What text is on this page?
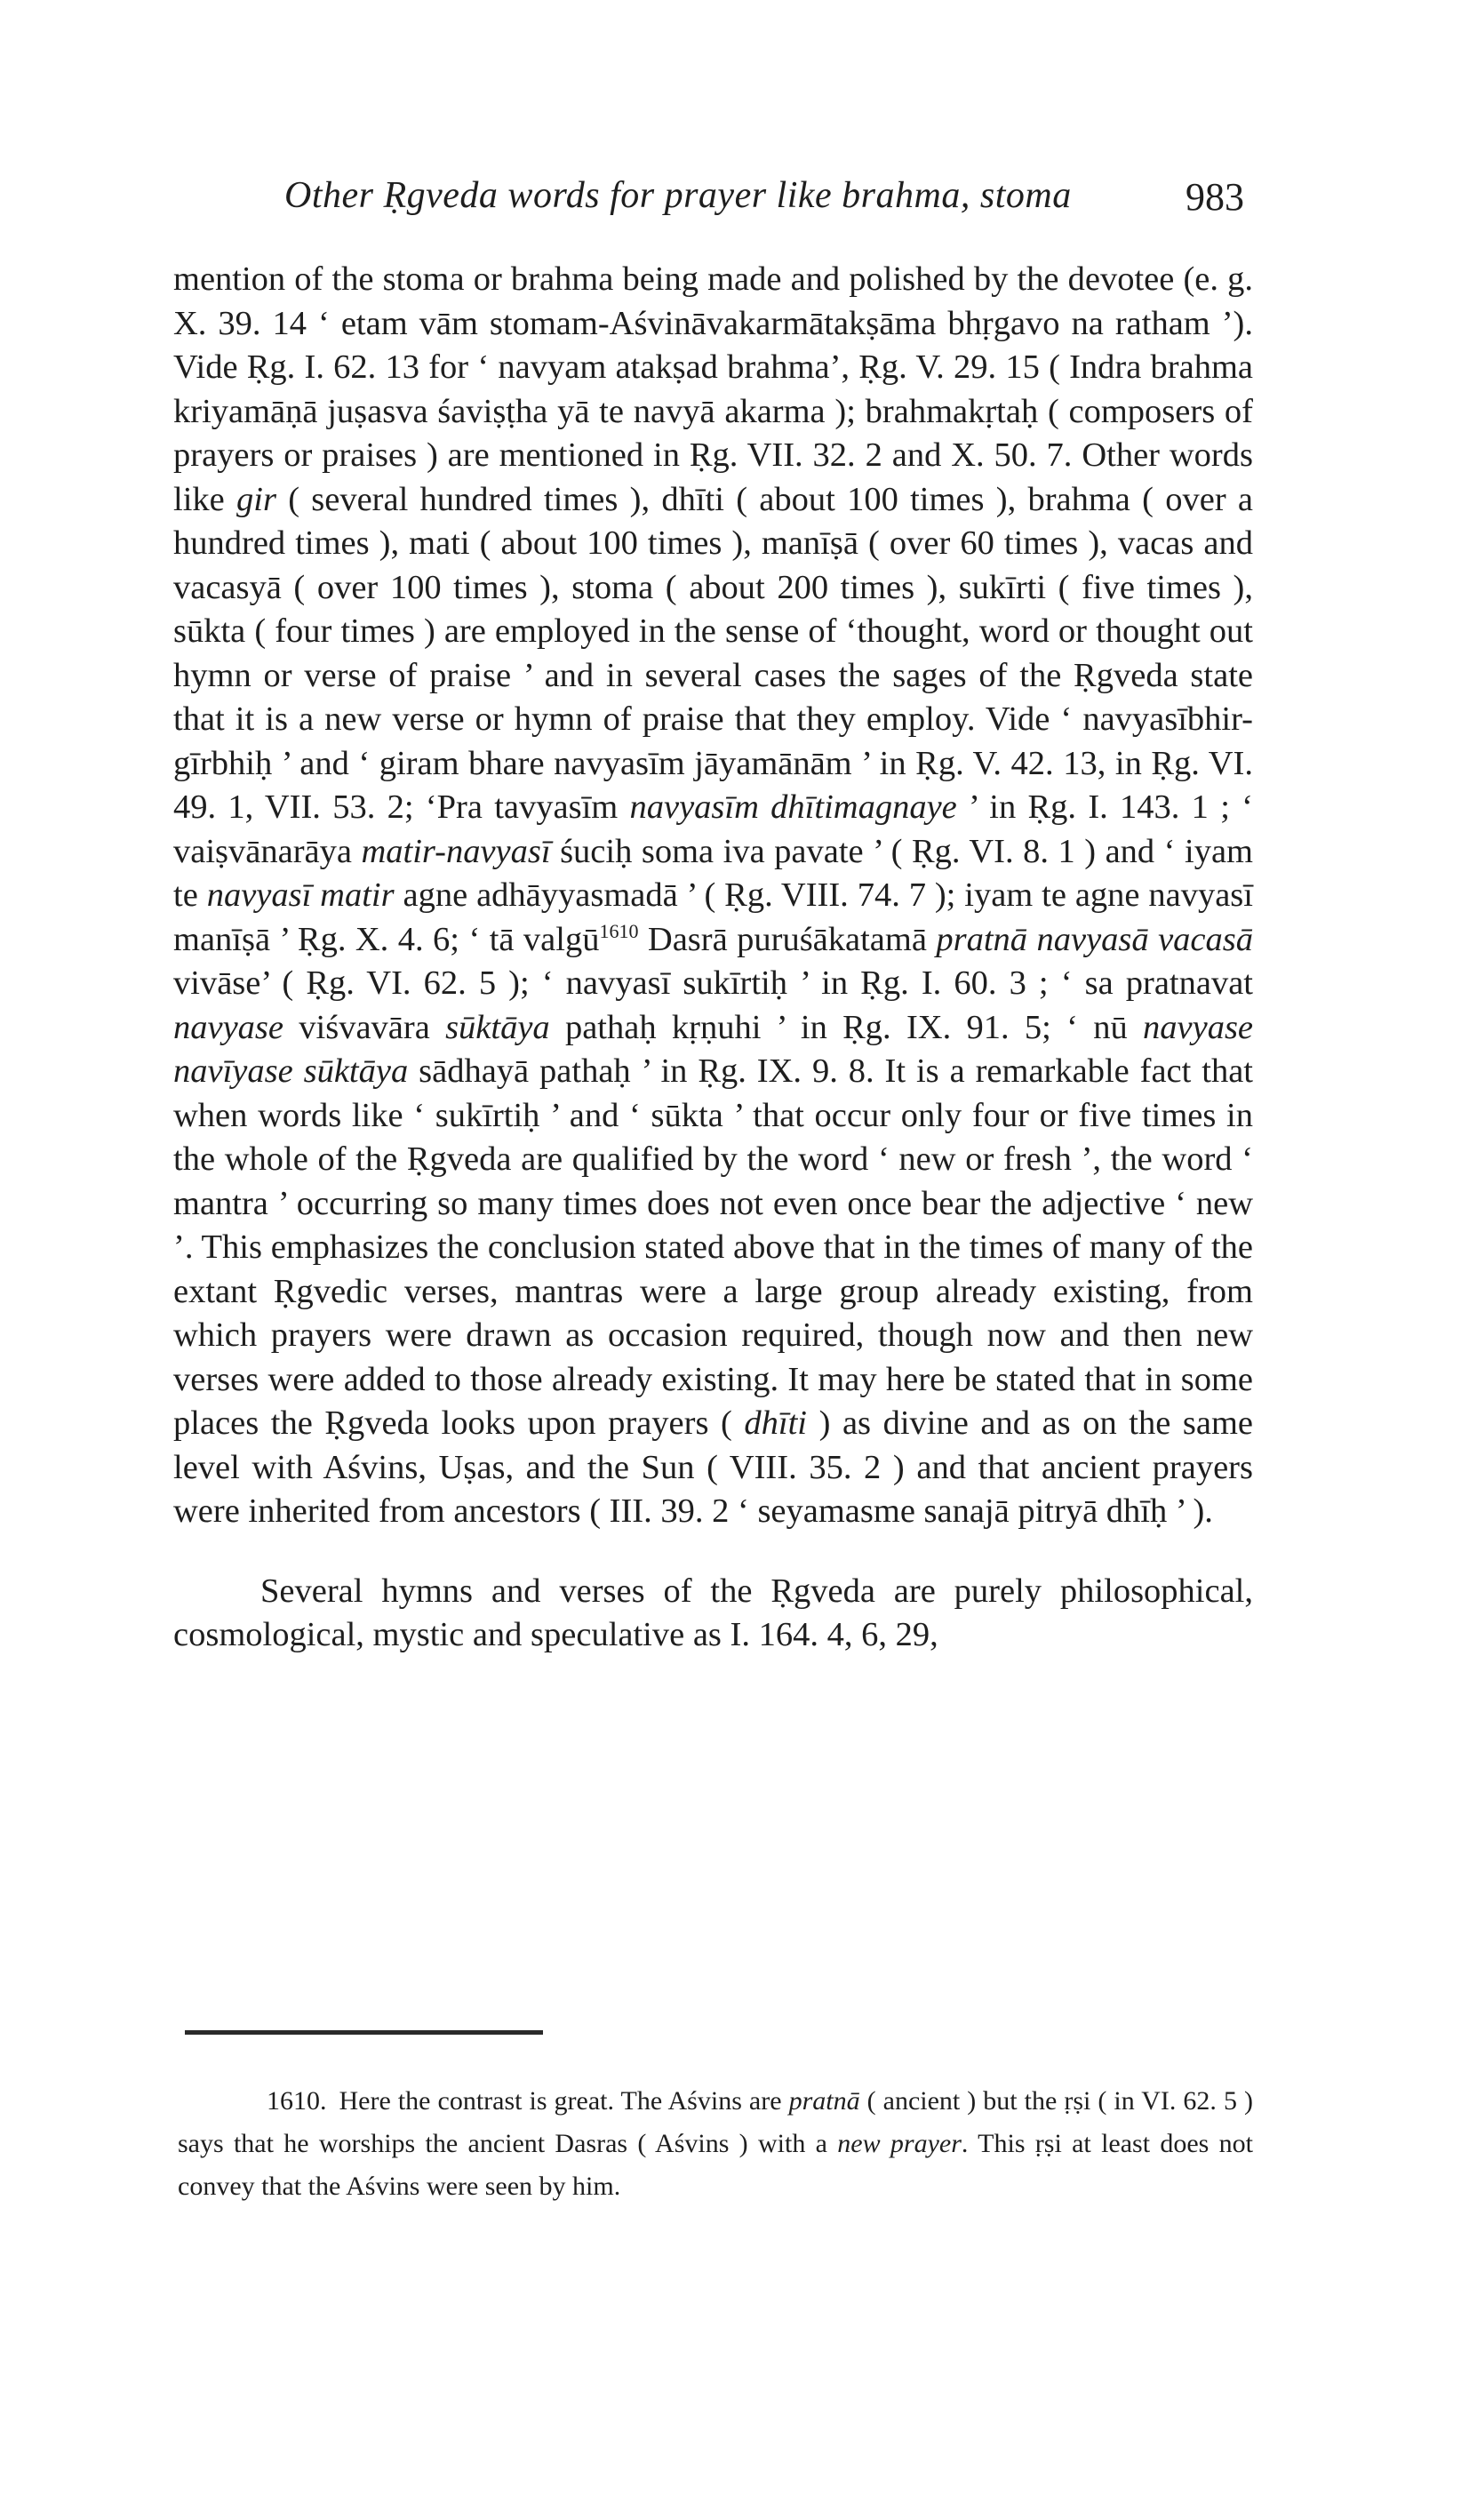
Other Ṛgveda words for prayer like brahma, stoma	983

mention of the stoma or brahma being made and polished by the devotee (e. g. X. 39. 14 ‘ etam vām stomam-Aśvināvakarmātakṣāma bhṛgavo na ratham ’). Vide Ṛg. I. 62. 13 for ‘ navyam atakṣad brahma’, Ṛg. V. 29. 15 ( Indra brahma kriyamāṇā juṣasva śaviṣṭha yā te navyā akarma ); brahmakṛtaḥ ( composers of prayers or praises ) are mentioned in Ṛg. VII. 32. 2 and X. 50. 7. Other words like gir ( several hundred times ), dhīti ( about 100 times ), brahma ( over a hundred times ), mati ( about 100 times ), manīṣā ( over 60 times ), vacas and vacasyā ( over 100 times ), stoma ( about 200 times ), sukīrti ( five times ), sūkta ( four times ) are employed in the sense of ‘thought, word or thought out hymn or verse of praise ’ and in several cases the sages of the Ṛgveda state that it is a new verse or hymn of praise that they employ. Vide ‘ navyasībhir-gīrbhiḥ ’ and ‘ giram bhare navyasīm jāyamānām ’ in Ṛg. V. 42. 13, in Ṛg. VI. 49. 1, VII. 53. 2; ‘Pra tavyasīm navyasīm dhītimagnaye ’ in Ṛg. I. 143. 1 ; ‘ vaiṣvānarāya matir-navyasī śuciḥ soma iva pavate ’ ( Ṛg. VI. 8. 1 ) and ‘ iyam te navyasī matir agne adhāyyasmadā ’ ( Ṛg. VIII. 74. 7 ); iyam te agne navyasī manīṣā ’ Ṛg. X. 4. 6; ‘ tā valgū$^{1610}$ Dasrā puruśākatamā pratnā navyasā vacasā vivāse’ ( Ṛg. VI. 62. 5 ); ‘ navyasī sukīrtiḥ ’ in Ṛg. I. 60. 3 ; ‘ sa pratnavat navyase viśvavāra sūktāya pathaḥ kṛṇuhi ’ in Ṛg. IX. 91. 5; ‘ nū navyase navīyase sūktāya sādhayā pathaḥ ’ in Ṛg. IX. 9. 8. It is a remarkable fact that when words like ‘ sukīrtiḥ ’ and ‘ sūkta ’ that occur only four or five times in the whole of the Ṛgveda are qualified by the word ‘ new or fresh ’, the word ‘ mantra ’ occurring so many times does not even once bear the adjective ‘ new ’. This emphasizes the conclusion stated above that in the times of many of the extant Ṛgvedic verses, mantras were a large group already existing, from which prayers were drawn as occasion required, though now and then new verses were added to those already existing. It may here be stated that in some places the Ṛgveda looks upon prayers ( dhīti ) as divine and as on the same level with Aśvins, Uṣas, and the Sun ( VIII. 35. 2 ) and that ancient prayers were inherited from ancestors ( III. 39. 2 ‘ seyamasme sanajā pitryā dhīḥ ’ ).

Several hymns and verses of the Ṛgveda are purely philosophical, cosmological, mystic and speculative as I. 164. 4, 6, 29,

1610. Here the contrast is great. The Aśvins are pratnā ( ancient ) but the ṛṣi ( in VI. 62. 5 ) says that he worships the ancient Dasras ( Aśvins ) with a new prayer. This ṛṣi at least does not convey that the Aśvins were seen by him.
